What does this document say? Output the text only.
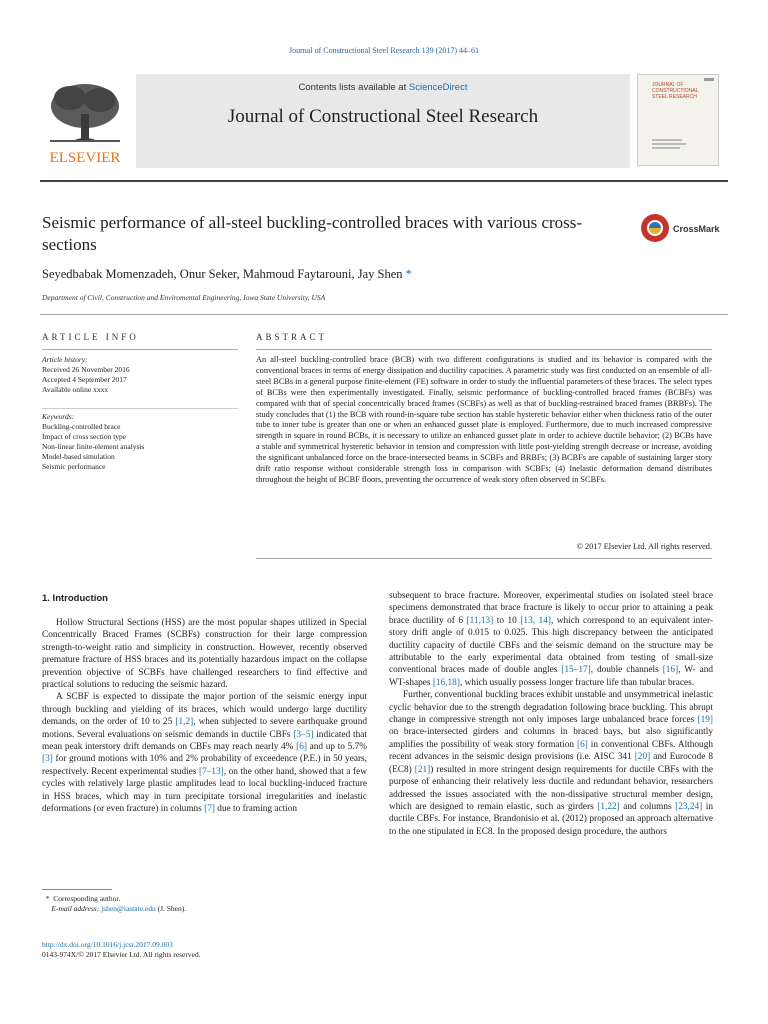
Journal of Constructional Steel Research 139 (2017) 44–61
ELSEVIER
Contents lists available at ScienceDirect
Journal of Constructional Steel Research
JOURNAL OF CONSTRUCTIONAL STEEL RESEARCH
Seismic performance of all-steel buckling-controlled braces with various cross-sections
CrossMark
Seyedbabak Momenzadeh, Onur Seker, Mahmoud Faytarouni, Jay Shen *
Department of Civil, Construction and Enviromental Engineering, Iowa State University, USA
ARTICLE INFO	ABSTRACT
Article history:
Received 26 November 2016
Accepted 4 September 2017
Available online xxxx
Keywords:
Buckling-controlled brace
Impact of cross section type
Non-linear finite-element analysis
Model-based simulation
Seismic performance
An all-steel buckling-controlled brace (BCB) with two different configurations is studied and its behavior is compared with the conventional braces in terms of energy dissipation and ductility capacities. A parametric study was first conducted on an ensemble of all-steel BCBs in a general purpose finite-element (FE) software in order to study the influential parameters of these braces. The select types of BCBs were then experimentally investigated. Finally, seismic performance of buckling-controlled braced frames (BCBFs) was compared with that of special concentrically braced frames (SCBFs) as well as that of buckling-restrained braced frames (BRBFs). The study concludes that (1) the BCB with round-in-square tube section has stable hysteretic behavior either when thickness ratio of the outer tube to inner tube is greater than one or when an enhanced gusset plate is employed. Furthermore, due to much increased compressive strength in square in round BCBs, it is necessary to utilize an enhanced gusset plate in order to achieve ductile behavior; (2) BCBs have a stable and symmetrical hysteretic behavior in tension and compression with little post-yielding strength decrease or increase, avoiding the significant unbalanced force on the brace-intersected beams in SCBFs and BRBFs; (3) BCBFs are capable of sustaining larger story drift ratio response without considerable strength loss in comparison with SCBFs; (4) Inelastic deformation demand distributes throughout the height of BCBF floors, preventing the occurrence of weak story often observed in SCBFs.
© 2017 Elsevier Ltd. All rights reserved.
1. Introduction

Hollow Structural Sections (HSS) are the most popular shapes utilized in Special Concentrically Braced Frames (SCBFs) construction for their large compression strength-to-weight ratio and simplicity in construction. However, recently observed premature fracture of HSS braces and its potentially hazardous impact on the collapse prevention objective of SCBFs have challenged researchers to find effective and practical solutions to reducing the seismic hazard.

A SCBF is expected to dissipate the major portion of the seismic energy input through buckling and yielding of its braces, which would undergo large ductility demands, on the order of 10 to 25 [1,2], when subjected to severe earthquake ground motions. Several evaluations on seismic demands in ductile CBFs [3–5] indicated that mean peak interstory drift demands on CBFs may reach nearly 4% [6] and up to 5.7% [3] for ground motions with 10% and 2% probability of exceedence (P.E.) in 50 years, respectively. Recent experimental studies [7–13], on the other hand, showed that a few cycles with relatively large plastic amplitudes lead to local buckling-induced fracture in HSS braces, which may in turn precipitate torsional irregularities and inelastic deformations (or even fracture) in columns [7] due to framing action

subsequent to brace fracture. Moreover, experimental studies on isolated steel brace specimens demonstrated that brace fracture is likely to occur prior to attaining a peak brace ductility of 6 [11,13] to 10 [13, 14], which correspond to an equivalent inter-story drift angle of 0.015 to 0.025. This high discrepancy between the anticipated ductility capacity of ductile CBFs and the seismic demand on the structure may be attributable to the early experimental data obtained from testing of small-size conventional braces made of double angles [15–17], double channels [16], W- and WT-shapes [16,18], which usually possess longer fracture life than tubular braces.

Further, conventional buckling braces exhibit unstable and unsymmetrical inelastic cyclic behavior due to the strength degradation following brace buckling. This abrupt change in compressive strength not only imposes large unbalanced brace forces [19] on brace-intersected girders and columns in braced bays, but also significantly amplifies the possibility of weak story formation [6] in conventional CBFs. Although recent advances in the seismic design provisions (i.e. AISC 341 [20] and Eurocode 8 (EC8) [21]) resulted in more stringent design requirements for ductile CBFs with the purpose of enhancing their relatively less ductile and redundant behavior, researchers addressed the issues associated with the non-dissipative structural member design, which are designed to remain elastic, such as girders [1,22] and columns [23,24] in ductile CBFs. For instance, Brandonisio et al. (2012) proposed an approach alternative to the one stipulated in EC8. In the proposed design procedure, the authors

* Corresponding author.
E-mail address: jshen@iastate.edu (J. Shen).
http://dx.doi.org/10.1016/j.jcsr.2017.09.003
0143-974X/© 2017 Elsevier Ltd. All rights reserved.
